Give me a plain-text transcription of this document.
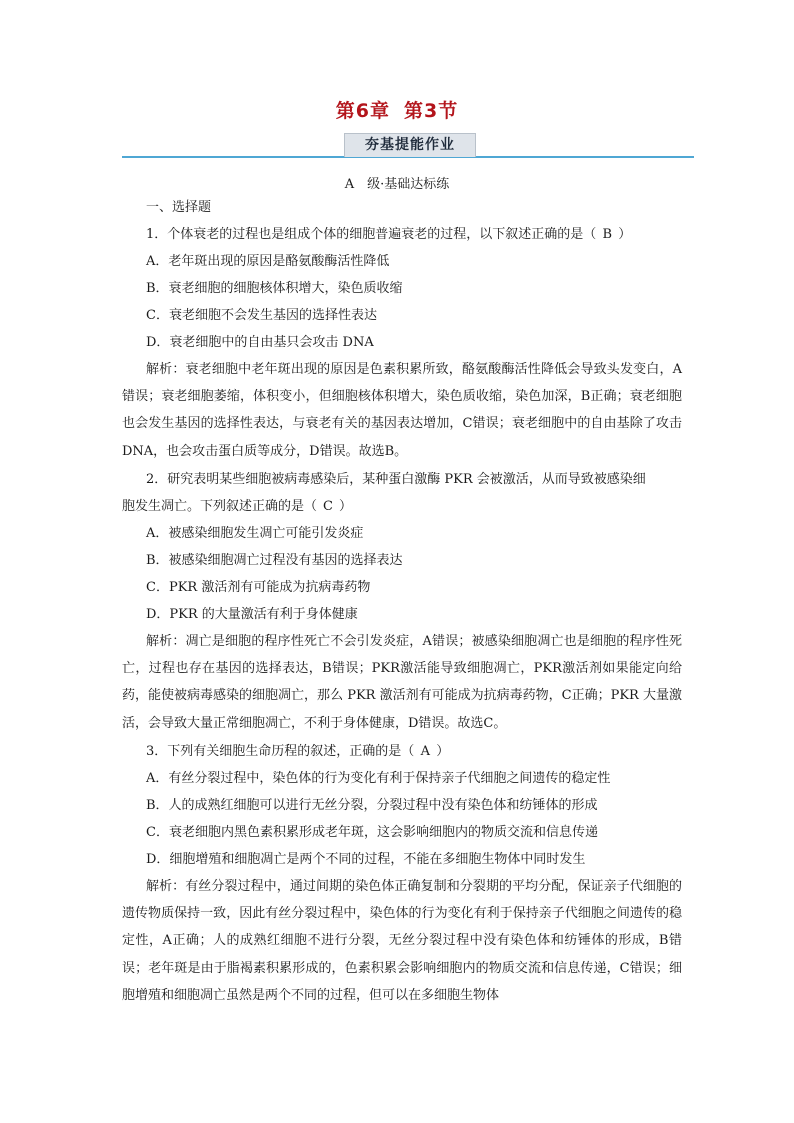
第6章 第3节
夯基提能作业
A　级·基础达标练
一、选择题
1．个体衰老的过程也是组成个体的细胞普遍衰老的过程，以下叙述正确的是（ B ）
A．老年斑出现的原因是酪氨酸酶活性降低
B．衰老细胞的细胞核体积增大，染色质收缩
C．衰老细胞不会发生基因的选择性表达
D．衰老细胞中的自由基只会攻击 DNA
解析：衰老细胞中老年斑出现的原因是色素积累所致，酪氨酸酶活性降低会导致头发变白，A错误；衰老细胞萎缩，体积变小，但细胞核体积增大，染色质收缩，染色加深，B正确；衰老细胞也会发生基因的选择性表达，与衰老有关的基因表达增加，C错误；衰老细胞中的自由基除了攻击 DNA，也会攻击蛋白质等成分，D错误。故选B。
2．研究表明某些细胞被病毒感染后，某种蛋白激酶 PKR 会被激活，从而导致被感染细
胞发生凋亡。下列叙述正确的是（ C ）
A．被感染细胞发生凋亡可能引发炎症
B．被感染细胞凋亡过程没有基因的选择表达
C．PKR 激活剂有可能成为抗病毒药物
D．PKR 的大量激活有利于身体健康
解析：凋亡是细胞的程序性死亡不会引发炎症，A错误；被感染细胞凋亡也是细胞的程序性死亡，过程也存在基因的选择表达，B错误；PKR激活能导致细胞凋亡，PKR激活剂如果能定向给药，能使被病毒感染的细胞凋亡，那么 PKR 激活剂有可能成为抗病毒药物，C正确；PKR 大量激活，会导致大量正常细胞凋亡，不利于身体健康，D错误。故选C。
3．下列有关细胞生命历程的叙述，正确的是（ A ）
A．有丝分裂过程中，染色体的行为变化有利于保持亲子代细胞之间遗传的稳定性
B．人的成熟红细胞可以进行无丝分裂，分裂过程中没有染色体和纺锤体的形成
C．衰老细胞内黑色素积累形成老年斑，这会影响细胞内的物质交流和信息传递
D．细胞增殖和细胞凋亡是两个不同的过程，不能在多细胞生物体中同时发生
解析：有丝分裂过程中，通过间期的染色体正确复制和分裂期的平均分配，保证亲子代细胞的遗传物质保持一致，因此有丝分裂过程中，染色体的行为变化有利于保持亲子代细胞之间遗传的稳定性，A正确；人的成熟红细胞不进行分裂，无丝分裂过程中没有染色体和纺锤体的形成，B错误；老年斑是由于脂褐素积累形成的，色素积累会影响细胞内的物质交流和信息传递，C错误；细胞增殖和细胞凋亡虽然是两个不同的过程，但可以在多细胞生物体
